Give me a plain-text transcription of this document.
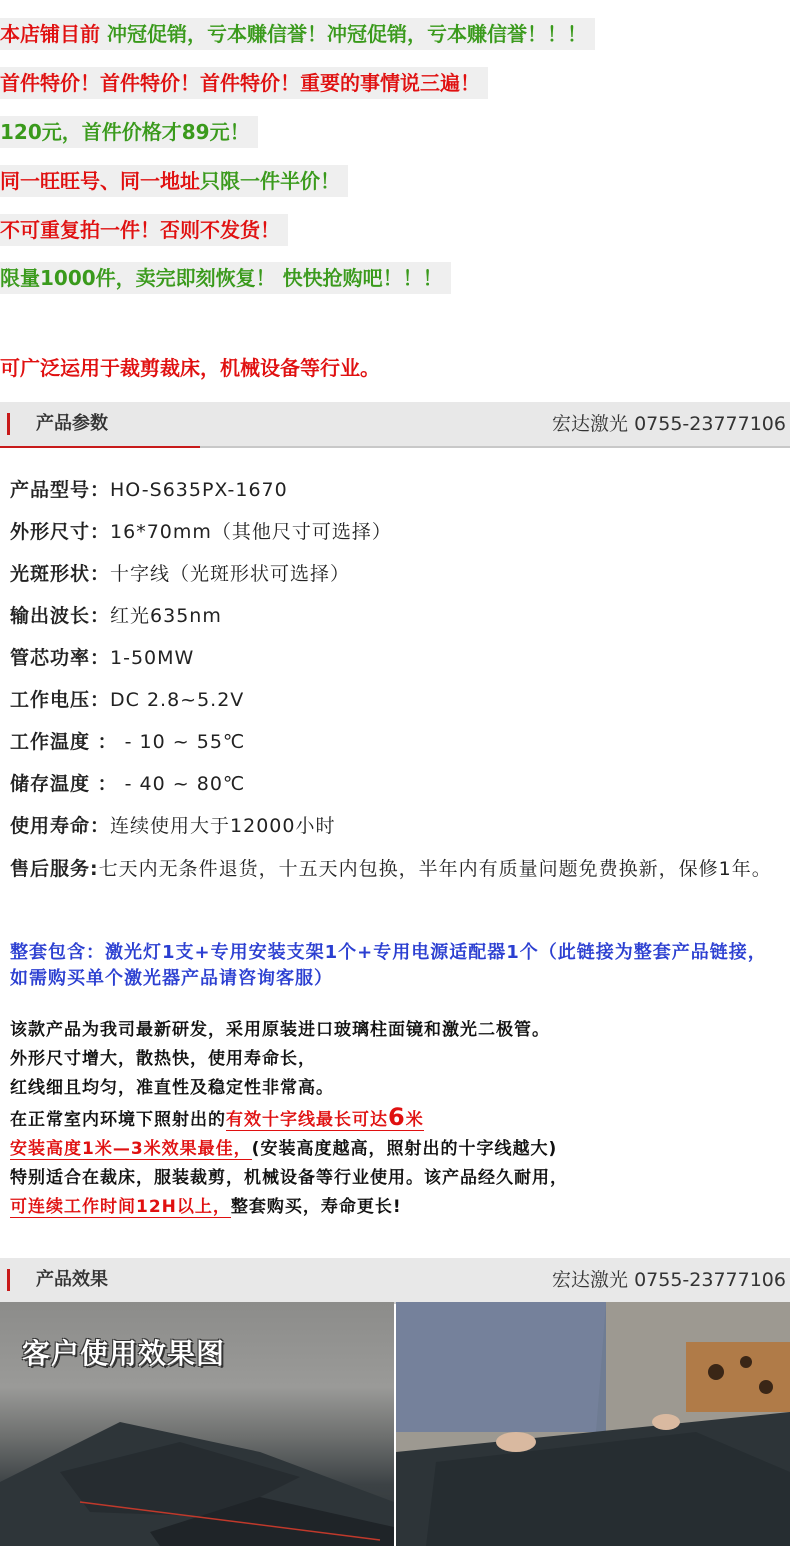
本店铺目前 冲冠促销，亏本赚信誉！冲冠促销，亏本赚信誉！！！
首件特价！首件特价！首件特价！重要的事情说三遍！
120元，首件价格才89元！
同一旺旺号、同一地址只限一件半价！
不可重复拍一件！否则不发货！
限量1000件，卖完即刻恢复！ 快快抢购吧！！！
可广泛运用于裁剪裁床，机械设备等行业。
产品参数	宏达激光 0755-23777106
产品型号：HO-S635PX-1670
外形尺寸：16*70mm（其他尺寸可选择）
光斑形状：十字线（光斑形状可选择）
输出波长：红光635nm
管芯功率：1-50MW
工作电压：DC 2.8~5.2V
工作温度 ： - 10 ~ 55℃
储存温度 ： - 40 ~ 80℃
使用寿命：连续使用大于12000小时
售后服务:七天内无条件退货，十五天内包换，半年内有质量问题免费换新，保修1年。
整套包含：激光灯1支+专用安装支架1个+专用电源适配器1个（此链接为整套产品链接，如需购买单个激光器产品请咨询客服）
该款产品为我司最新研发，采用原装进口玻璃柱面镜和激光二极管。
外形尺寸增大，散热快，使用寿命长，
红线细且均匀，准直性及稳定性非常高。
在正常室内环境下照射出的有效十字线最长可达6米
安装高度1米—3米效果最佳，(安装高度越高，照射出的十字线越大)
特别适合在裁床，服装裁剪，机械设备等行业使用。该产品经久耐用，
可连续工作时间12H以上，整套购买，寿命更长!
产品效果	宏达激光 0755-23777106
客户使用效果图
